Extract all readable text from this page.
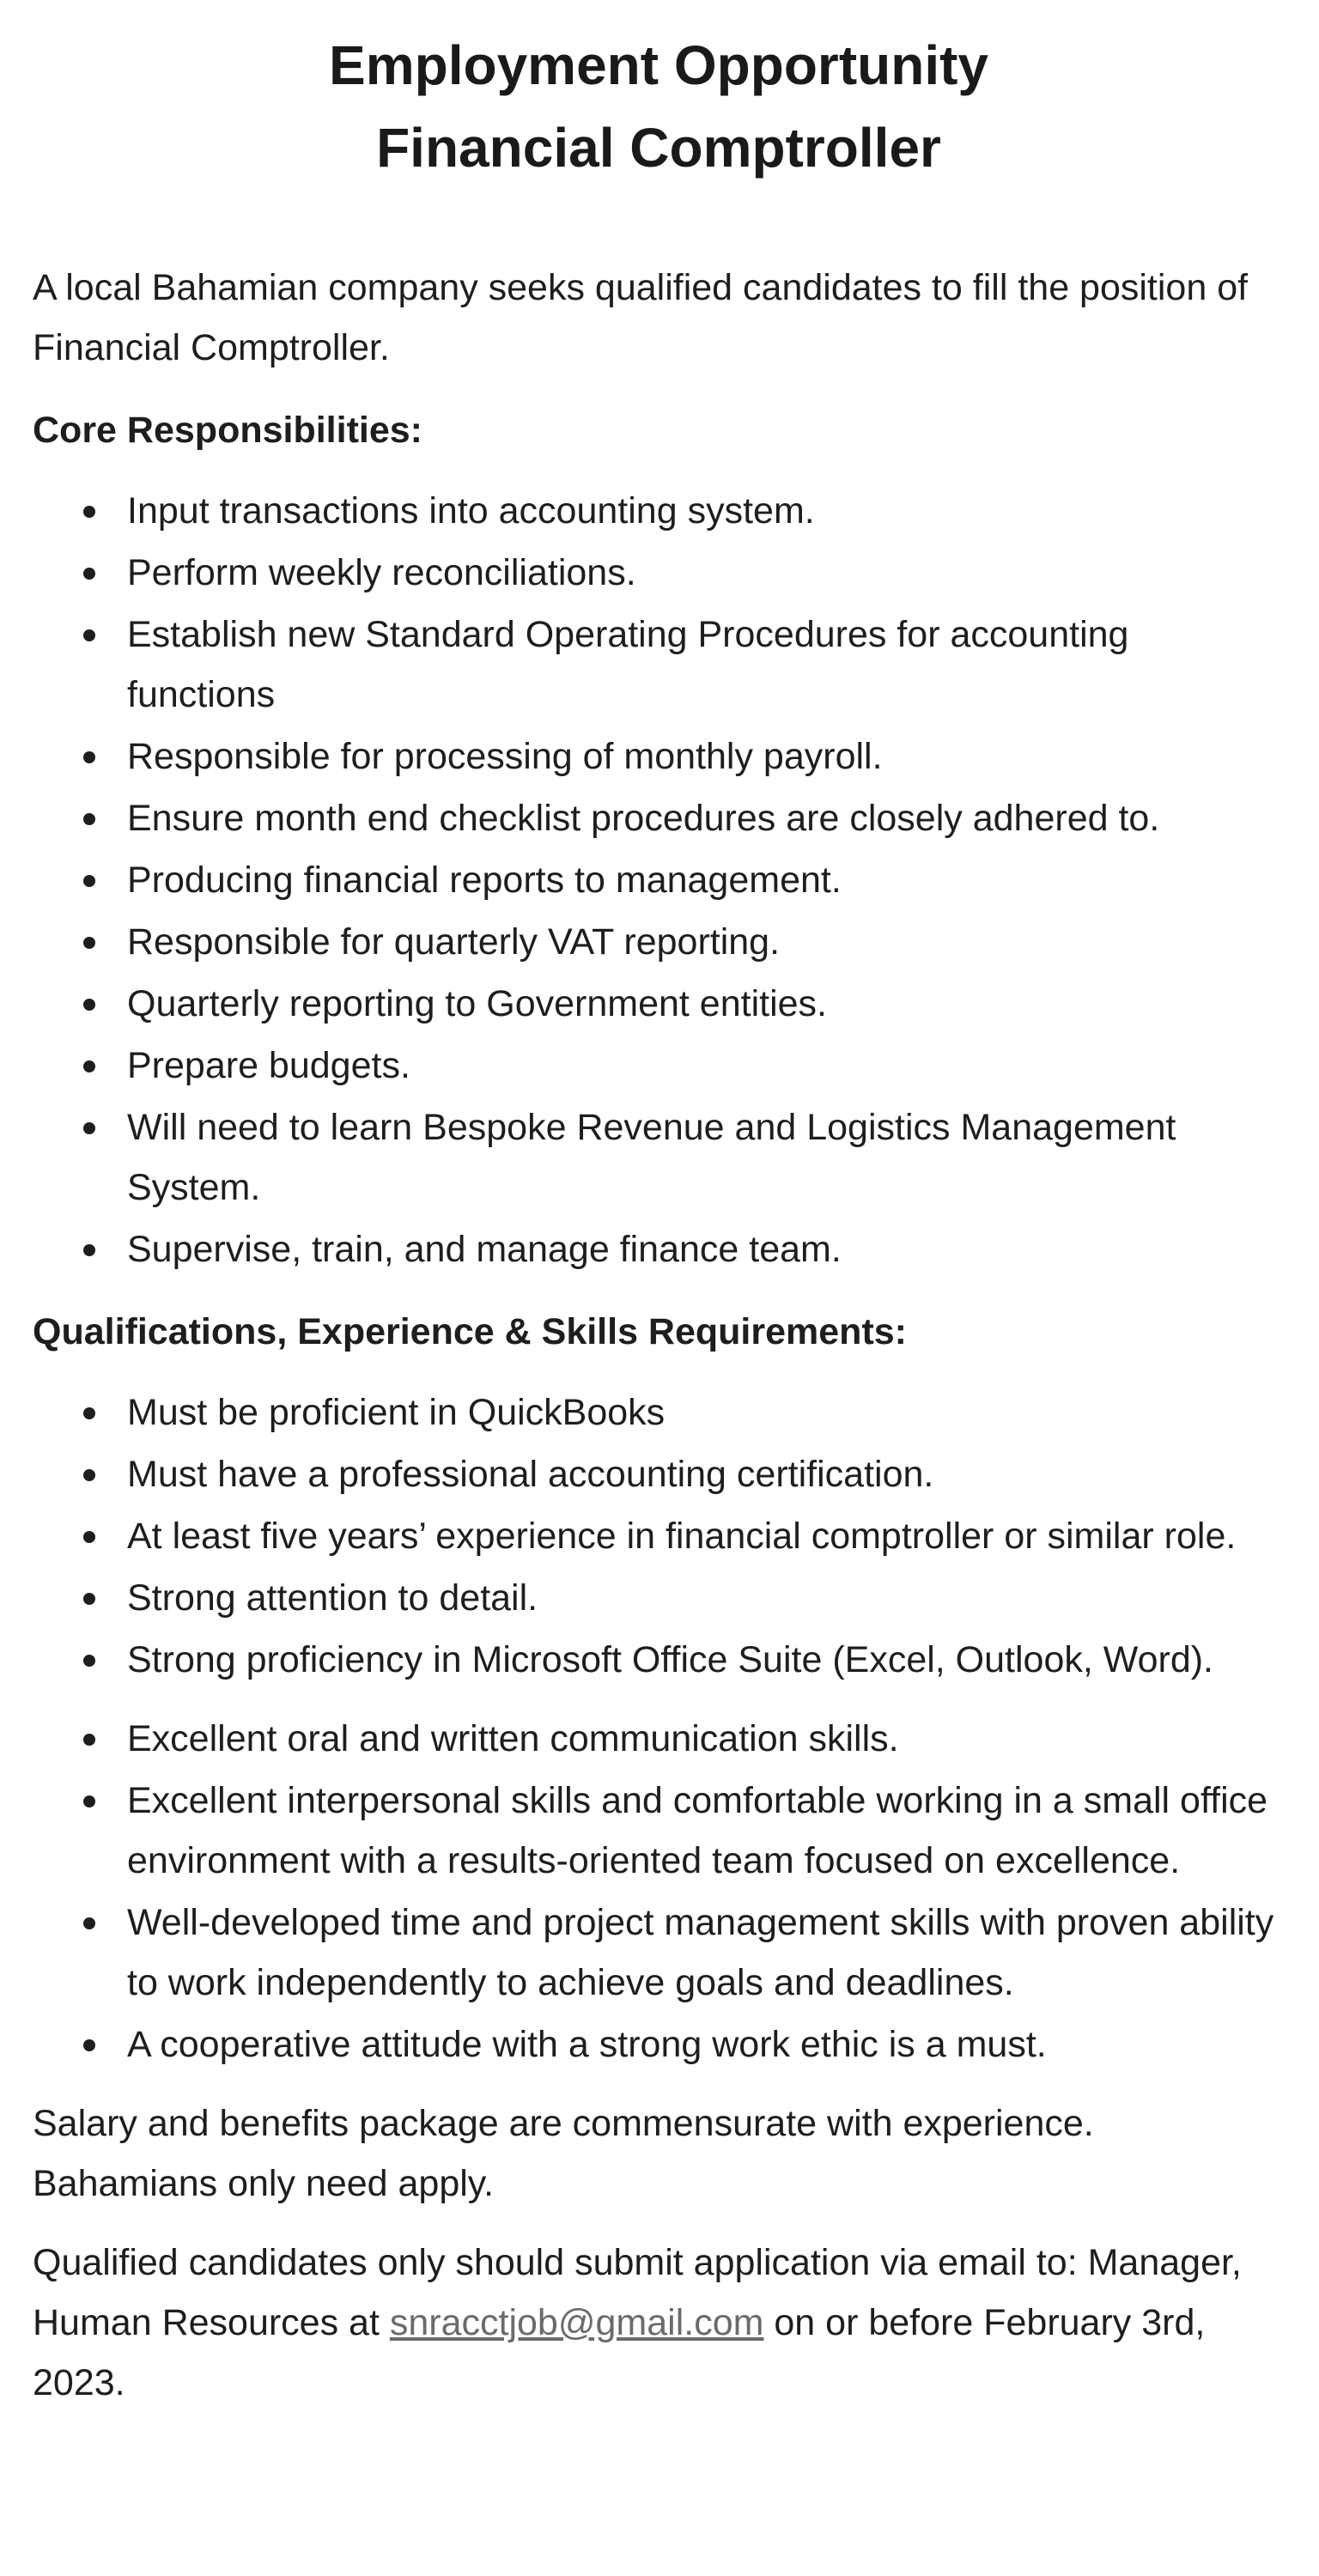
Employment Opportunity
Financial Comptroller

A local Bahamian company seeks qualified candidates to fill the position of Financial Comptroller.

Core Responsibilities:
Input transactions into accounting system.
Perform weekly reconciliations.
Establish new Standard Operating Procedures for accounting functions
Responsible for processing of monthly payroll.
Ensure month end checklist procedures are closely adhered to.
Producing financial reports to management.
Responsible for quarterly VAT reporting.
Quarterly reporting to Government entities.
Prepare budgets.
Will need to learn Bespoke Revenue and Logistics Management System.
Supervise, train, and manage finance team.
Qualifications, Experience & Skills Requirements:
Must be proficient in QuickBooks
Must have a professional accounting certification.
At least five years’ experience in financial comptroller or similar role.
Strong attention to detail.
Strong proficiency in Microsoft Office Suite (Excel, Outlook, Word).
Excellent oral and written communication skills.
Excellent interpersonal skills and comfortable working in a small office environment with a results-oriented team focused on excellence.
Well-developed time and project management skills with proven ability to work independently to achieve goals and deadlines.
A cooperative attitude with a strong work ethic is a must.

Salary and benefits package are commensurate with experience.
Bahamians only need apply.

Qualified candidates only should submit application via email to: Manager, Human Resources at snracctjob@gmail.com on or before February 3rd, 2023.
